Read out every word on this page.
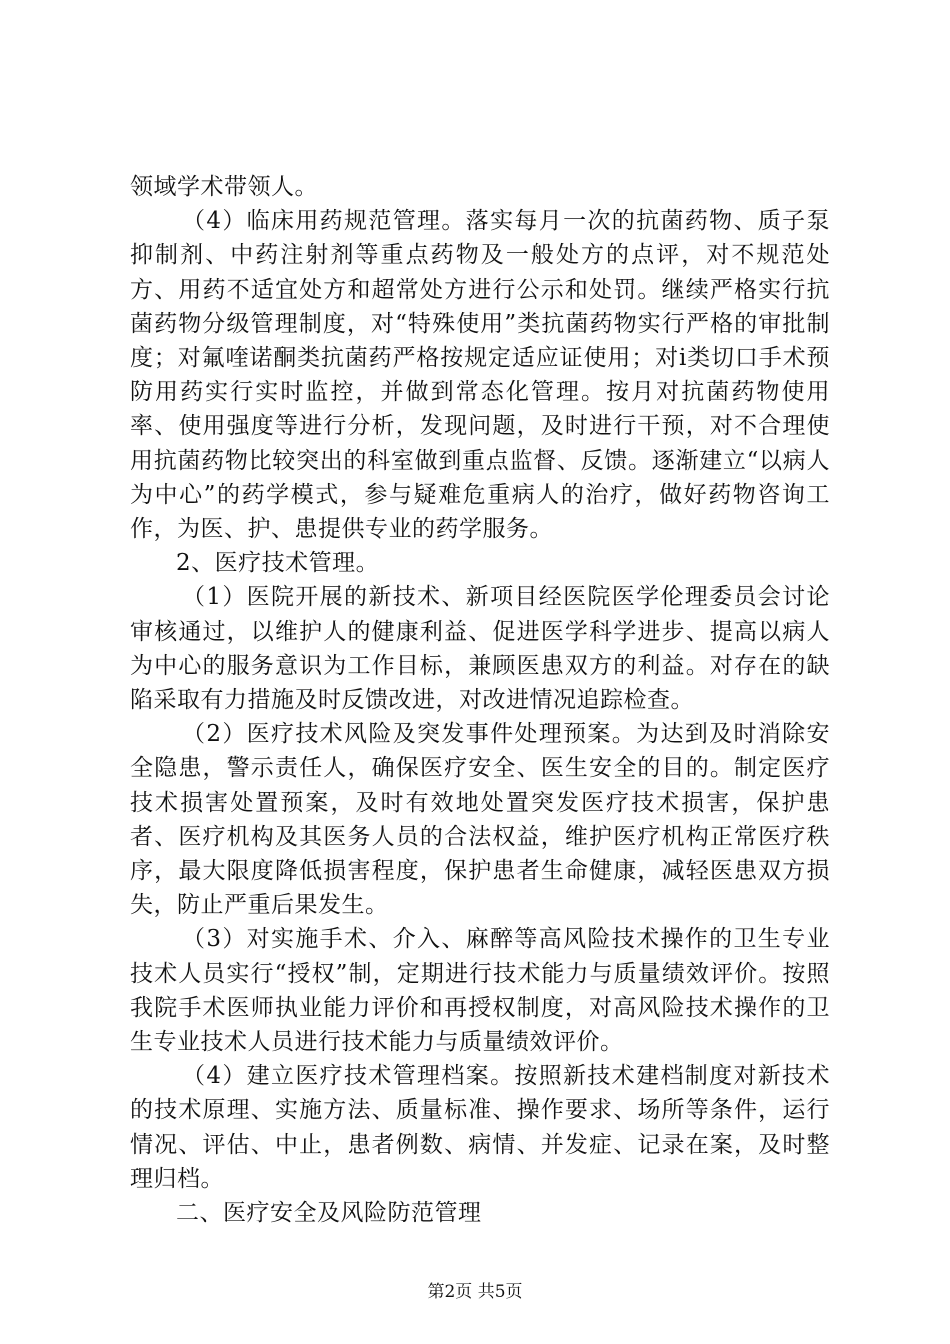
领域学术带领人。

（4）临床用药规范管理。落实每月一次的抗菌药物、质子泵抑制剂、中药注射剂等重点药物及一般处方的点评，对不规范处方、用药不适宜处方和超常处方进行公示和处罚。继续严格实行抗菌药物分级管理制度，对“特殊使用”类抗菌药物实行严格的审批制度；对氟喹诺酮类抗菌药严格按规定适应证使用；对ⅰ类切口手术预防用药实行实时监控，并做到常态化管理。按月对抗菌药物使用率、使用强度等进行分析，发现问题，及时进行干预，对不合理使用抗菌药物比较突出的科室做到重点监督、反馈。逐渐建立“以病人为中心”的药学模式，参与疑难危重病人的治疗，做好药物咨询工作，为医、护、患提供专业的药学服务。

2、医疗技术管理。

（1）医院开展的新技术、新项目经医院医学伦理委员会讨论审核通过，以维护人的健康利益、促进医学科学进步、提高以病人为中心的服务意识为工作目标，兼顾医患双方的利益。对存在的缺陷采取有力措施及时反馈改进，对改进情况追踪检查。

（2）医疗技术风险及突发事件处理预案。为达到及时消除安全隐患，警示责任人，确保医疗安全、医生安全的目的。制定医疗技术损害处置预案，及时有效地处置突发医疗技术损害，保护患者、医疗机构及其医务人员的合法权益，维护医疗机构正常医疗秩序，最大限度降低损害程度，保护患者生命健康，减轻医患双方损失，防止严重后果发生。

（3）对实施手术、介入、麻醉等高风险技术操作的卫生专业技术人员实行“授权”制，定期进行技术能力与质量绩效评价。按照我院手术医师执业能力评价和再授权制度，对高风险技术操作的卫生专业技术人员进行技术能力与质量绩效评价。

（4）建立医疗技术管理档案。按照新技术建档制度对新技术的技术原理、实施方法、质量标准、操作要求、场所等条件，运行情况、评估、中止，患者例数、病情、并发症、记录在案，及时整理归档。

二、医疗安全及风险防范管理

第2页 共5页
